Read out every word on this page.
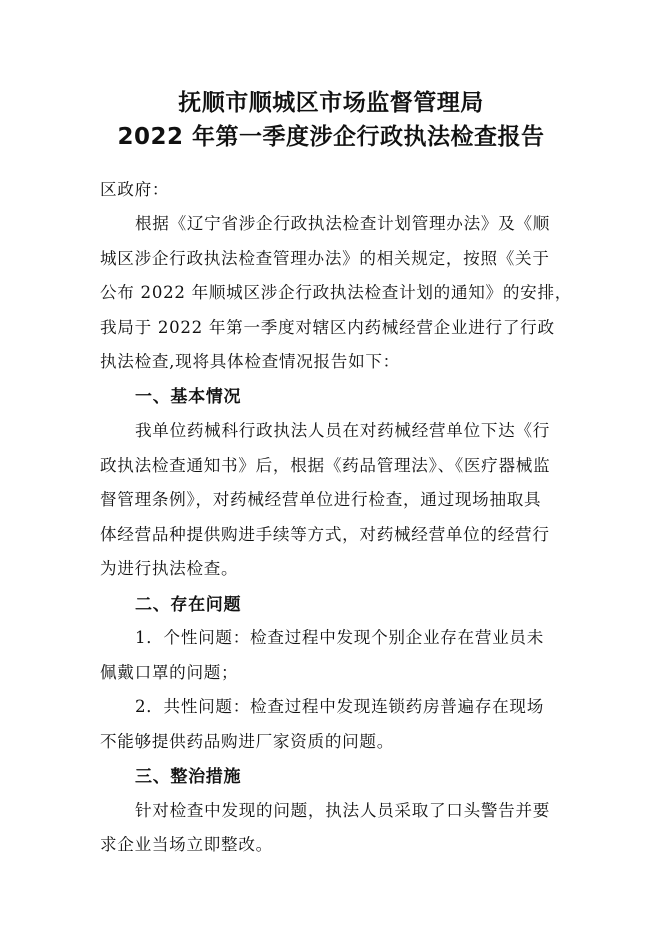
抚顺市顺城区市场监督管理局
2022 年第一季度涉企行政执法检查报告
区政府：
根据《辽宁省涉企行政执法检查计划管理办法》及《顺
城区涉企行政执法检查管理办法》的相关规定，按照《关于
公布 2022 年顺城区涉企行政执法检查计划的通知》的安排，
我局于 2022 年第一季度对辖区内药械经营企业进行了行政
执法检查,现将具体检查情况报告如下：
一、基本情况
我单位药械科行政执法人员在对药械经营单位下达《行
政执法检查通知书》后，根据《药品管理法》、《医疗器械监
督管理条例》，对药械经营单位进行检查，通过现场抽取具
体经营品种提供购进手续等方式，对药械经营单位的经营行
为进行执法检查。
二、存在问题
1．个性问题：检查过程中发现个别企业存在营业员未
佩戴口罩的问题；
2．共性问题：检查过程中发现连锁药房普遍存在现场
不能够提供药品购进厂家资质的问题。
三、整治措施
针对检查中发现的问题，执法人员采取了口头警告并要
求企业当场立即整改。
